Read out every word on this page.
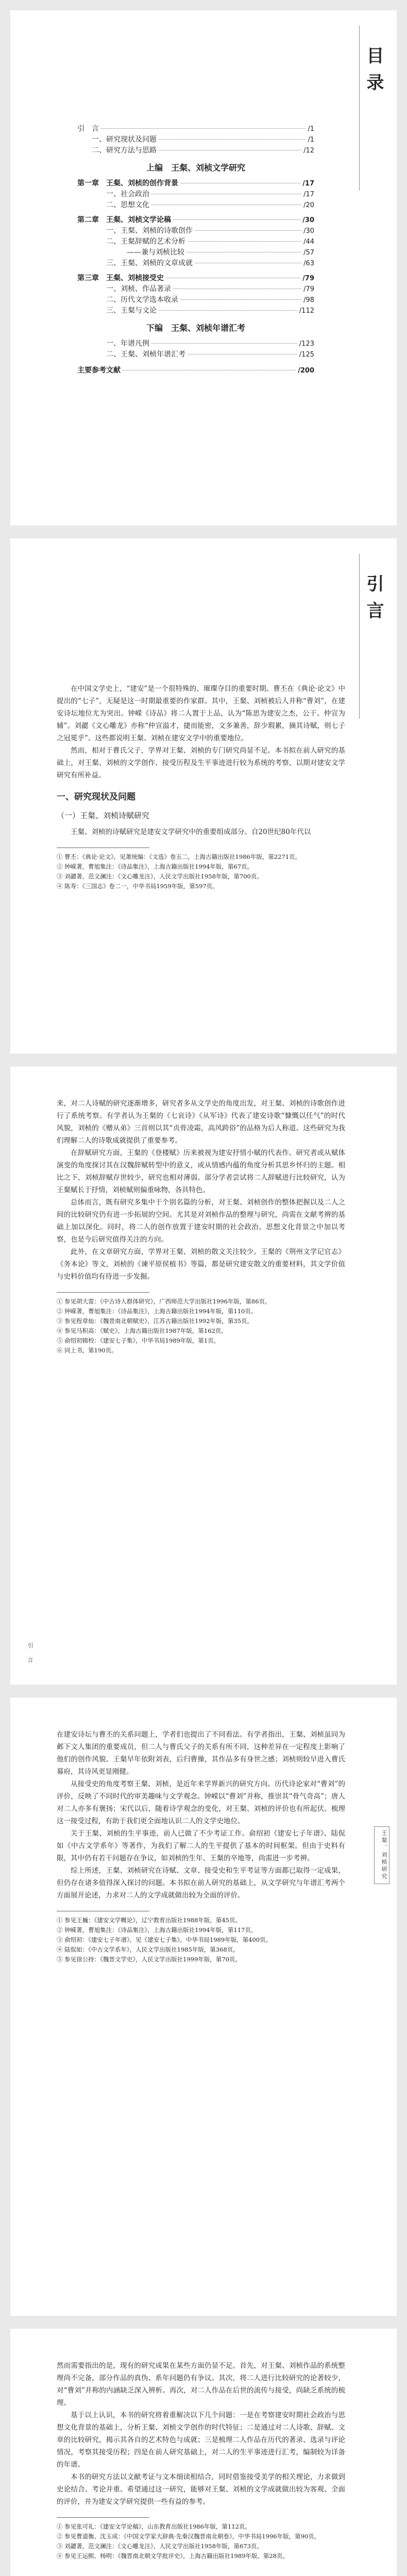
目录
引　言	/1
一、研究现状及问题	/1
二、研究方法与思路	/12
上编　王粲、刘桢文学研究
第一章　王粲、刘桢的创作背景	/17
一、社会政治	/17
二、思想文化	/20
第二章　王粲、刘桢文学论稿	/30
一、王粲、刘桢的诗歌创作	/30
二、王粲辞赋的艺术分析	/44
——兼与刘桢比较	/57
三、王粲、刘桢的文章成就	/63
第三章　王粲、刘桢接受史	/79
一、刘桢、作品著录	/79
二、历代文学选本收录	/98
三、王粲与文论	/112
下编　王粲、刘桢年谱汇考
一、年谱凡例	/123
二、王粲、刘桢年谱汇考	/125
主要参考文献	/200
引言

在中国文学史上，“建安”是一个很特殊的、璀璨夺目的重要时期。曹丕在《典论·论文》中提出的“七子”，无疑是这一时期最重要的作家群。其中，王粲、刘桢被后人并称“曹刘”，在建安诗坛地位尤为突出。钟嵘《诗品》将二人置于上品，认为“陈思为建安之杰，公干、仲宣为辅”。刘勰《文心雕龙》亦称“仲宣溢才，捷而能密，文多兼善，辞少瑕累，摘其诗赋，则七子之冠冕乎”。这些都说明王粲、刘桢在建安文学中的重要地位。

然而，相对于曹氏父子，学界对王粲、刘桢的专门研究尚显不足。本书拟在前人研究的基础上，对王粲、刘桢的文学创作、接受历程及生平事迹进行较为系统的考察，以期对建安文学研究有所补益。

一、研究现状及问题
（一）王粲、刘桢诗赋研究

王粲、刘桢的诗赋研究是建安文学研究中的重要组成部分。自20世纪80年代以

① 曹丕：《典论·论文》，见萧统编：《文选》卷五二，上海古籍出版社1986年版，第2271页。
② 钟嵘著，曹旭集注：《诗品集注》，上海古籍出版社1994年版，第67页。
③ 刘勰著，范文澜注：《文心雕龙注》，人民文学出版社1958年版，第700页。
④ 陈寿：《三国志》卷二一，中华书局1959年版，第597页。

来，对二人诗赋的研究逐渐增多，研究者多从文学史的角度出发，对王粲、刘桢的诗歌创作进行了系统考察。有学者认为王粲的《七哀诗》《从军诗》代表了建安诗歌“慷慨以任气”的时代风貌，刘桢的《赠从弟》三首则以其“贞骨凌霜，高风跨俗”的品格为后人称道。这些研究为我们理解二人的诗歌成就提供了重要参考。

在辞赋研究方面，王粲的《登楼赋》历来被视为建安抒情小赋的代表作。研究者或从赋体演变的角度探讨其在汉魏辞赋转型中的意义，或从情感内蕴的角度分析其思乡怀归的主题。相比之下，刘桢辞赋存世较少，研究也相对薄弱。部分学者尝试将二人辞赋进行比较研究，认为王粲赋长于抒情，刘桢赋则偏重咏物，各具特色。

总体而言，既有研究多集中于个别名篇的分析，对王粲、刘桢创作的整体把握以及二人之间的比较研究仍有进一步拓展的空间。尤其是对刘桢作品的整理与研究，尚需在文献考辨的基础上加以深化。同时，将二人的创作放置于建安时期的社会政治、思想文化背景之中加以考察，也是今后研究值得关注的方向。

此外，在文章研究方面，学界对王粲、刘桢的散文关注较少。王粲的《荆州文学记官志》《务本论》等文，刘桢的《谏平原侯植书》等篇，都是研究建安散文的重要材料，其文学价值与史料价值均有待进一步发掘。

① 参见胡大雷：《中古诗人群体研究》，广西师范大学出版社1996年版，第86页。
② 钟嵘著，曹旭集注：《诗品集注》，上海古籍出版社1994年版，第110页。
③ 参见程章灿：《魏晋南北朝赋史》，江苏古籍出版社1992年版，第35页。
④ 参见马积高：《赋史》，上海古籍出版社1987年版，第162页。
⑤ 俞绍初辑校：《建安七子集》，中华书局1989年版，第1页。
⑥ 同上书，第190页。
引　言
王粲、刘桢研究

在建安诗坛与曹丕的关系问题上，学者们也提出了不同看法。有学者指出，王粲、刘桢虽同为邺下文人集团的重要成员，但二人与曹氏父子的关系有所不同，这种差异在一定程度上影响了他们的创作风貌。王粲早年依附刘表，后归曹操，其作品多有身世之感；刘桢则较早进入曹氏幕府，其诗风更显刚健。

从接受史的角度考察王粲、刘桢，是近年来学界新兴的研究方向。历代诗论家对“曹刘”的评价，反映了不同时代的审美趣味与文学观念。钟嵘以“曹刘”并称，推崇其“骨气奇高”；唐人对二人亦多有褒扬；宋代以后，随着诗学观念的变化，对王粲、刘桢的评价也有所起伏。梳理这一接受过程，有助于我们更全面地认识二人的文学史地位。

关于王粲、刘桢的生平事迹，前人已做了不少考证工作。俞绍初《建安七子年谱》、陆侃如《中古文学系年》等著作，为我们了解二人的生平提供了基本的时间框架。但由于史料有限，其中仍有若干问题存在争议，如刘桢的生年、王粲的卒地等，尚需进一步考辨。

综上所述，王粲、刘桢研究在诗赋、文章、接受史和生平考证等方面都已取得一定成果，但仍存在诸多值得深入探讨的问题。本书拟在前人研究的基础上，从文学研究与年谱汇考两个方面展开论述，力求对二人的文学成就做出较为全面的评价。

① 参见王巍：《建安文学概论》，辽宁教育出版社1988年版，第45页。
② 钟嵘著，曹旭集注：《诗品集注》，上海古籍出版社1994年版，第117页。
③ 俞绍初：《建安七子年谱》，见《建安七子集》，中华书局1989年版，第400页。
④ 陆侃如：《中古文学系年》，人民文学出版社1985年版，第368页。
⑤ 参见徐公持：《魏晋文学史》，人民文学出版社1999年版，第70页。

然而需要指出的是，现有的研究成果在某些方面仍显不足。首先，对王粲、刘桢作品的系统整理尚不完备，部分作品的真伪、系年问题仍有争议。其次，将二人进行比较研究的论著较少，对“曹刘”并称的内涵缺乏深入辨析。再次，对二人作品在后世的流传与接受，尚缺乏系统的梳理。

基于以上认识，本书的研究将着重解决以下几个问题：一是在考察建安时期社会政治与思想文化背景的基础上，分析王粲、刘桢文学创作的时代特征；二是通过对二人诗歌、辞赋、文章的比较研究，揭示其各自的艺术特色与成就；三是梳理二人作品在历代的著录、选录与评论情况，考察其接受历程；四是在前人研究基础上，对二人的生平事迹进行汇考，编制较为详备的年谱。

本书的研究方法以文献考证与文本细读相结合，同时借鉴接受美学的相关理论，力求做到史论结合、考论并重。希望通过这一研究，能够对王粲、刘桢的文学成就做出较为客观、全面的评价，并为建安文学研究提供一些有益的参考。

① 参见张可礼：《建安文学论稿》，山东教育出版社1986年版，第112页。
② 参见曹道衡、沈玉成：《中国文学家大辞典·先秦汉魏晋南北朝卷》，中华书局1996年版，第90页。
③ 刘勰著，范文澜注：《文心雕龙注》，人民文学出版社1958年版，第673页。
④ 参见王运熙、杨明：《魏晋南北朝文学批评史》，上海古籍出版社1989年版，第28页。
